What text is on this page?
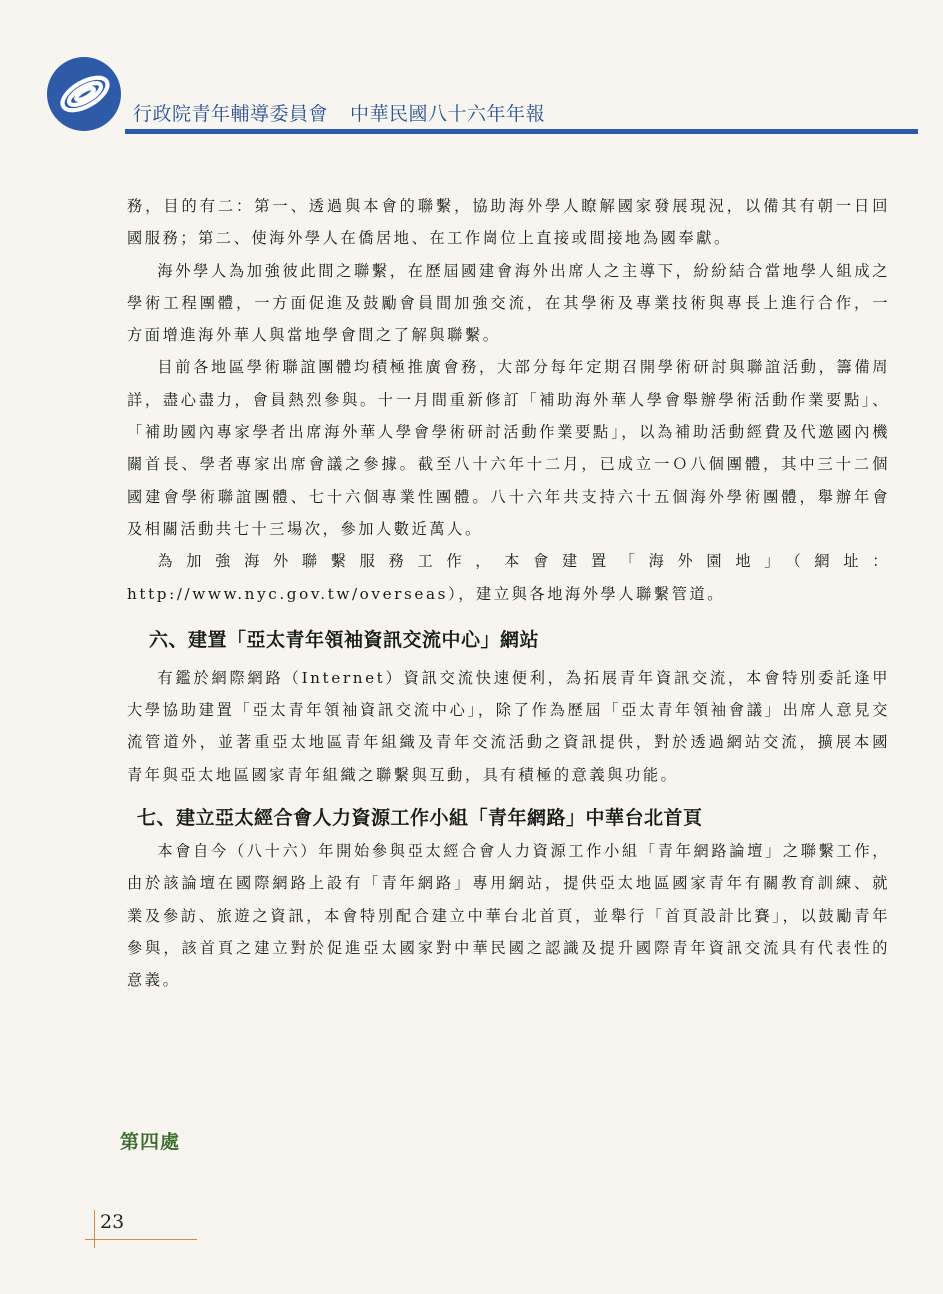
行政院青年輔導委員會 中華民國八十六年年報

務，目的有二：第一、透過與本會的聯繫，協助海外學人瞭解國家發展現況，以備其有朝一日回國服務；第二、使海外學人在僑居地、在工作崗位上直接或間接地為國奉獻。

海外學人為加強彼此間之聯繫，在歷屆國建會海外出席人之主導下，紛紛結合當地學人組成之學術工程團體，一方面促進及鼓勵會員間加強交流，在其學術及專業技術與專長上進行合作，一方面增進海外華人與當地學會間之了解與聯繫。

目前各地區學術聯誼團體均積極推廣會務，大部分每年定期召開學術研討與聯誼活動，籌備周詳，盡心盡力，會員熱烈參與。十一月間重新修訂「補助海外華人學會舉辦學術活動作業要點」、「補助國內專家學者出席海外華人學會學術研討活動作業要點」，以為補助活動經費及代邀國內機關首長、學者專家出席會議之參據。截至八十六年十二月，已成立一Ｏ八個團體，其中三十二個國建會學術聯誼團體、七十六個專業性團體。八十六年共支持六十五個海外學術團體，舉辦年會及相關活動共七十三場次，參加人數近萬人。

為加強海外聯繫服務工作，本會建置「海外園地」（網址：http://www.nyc.gov.tw/overseas），建立與各地海外學人聯繫管道。

六、建置「亞太青年領袖資訊交流中心」網站

有鑑於網際網路（Internet）資訊交流快速便利，為拓展青年資訊交流，本會特別委託逢甲大學協助建置「亞太青年領袖資訊交流中心」，除了作為歷屆「亞太青年領袖會議」出席人意見交流管道外，並著重亞太地區青年組織及青年交流活動之資訊提供，對於透過網站交流，擴展本國青年與亞太地區國家青年組織之聯繫與互動，具有積極的意義與功能。

七、建立亞太經合會人力資源工作小組「青年網路」中華台北首頁

本會自今（八十六）年開始參與亞太經合會人力資源工作小組「青年網路論壇」之聯繫工作，由於該論壇在國際網路上設有「青年網路」專用網站，提供亞太地區國家青年有關教育訓練、就業及參訪、旅遊之資訊，本會特別配合建立中華台北首頁，並舉行「首頁設計比賽」，以鼓勵青年參與，該首頁之建立對於促進亞太國家對中華民國之認識及提升國際青年資訊交流具有代表性的意義。

第四處
23
